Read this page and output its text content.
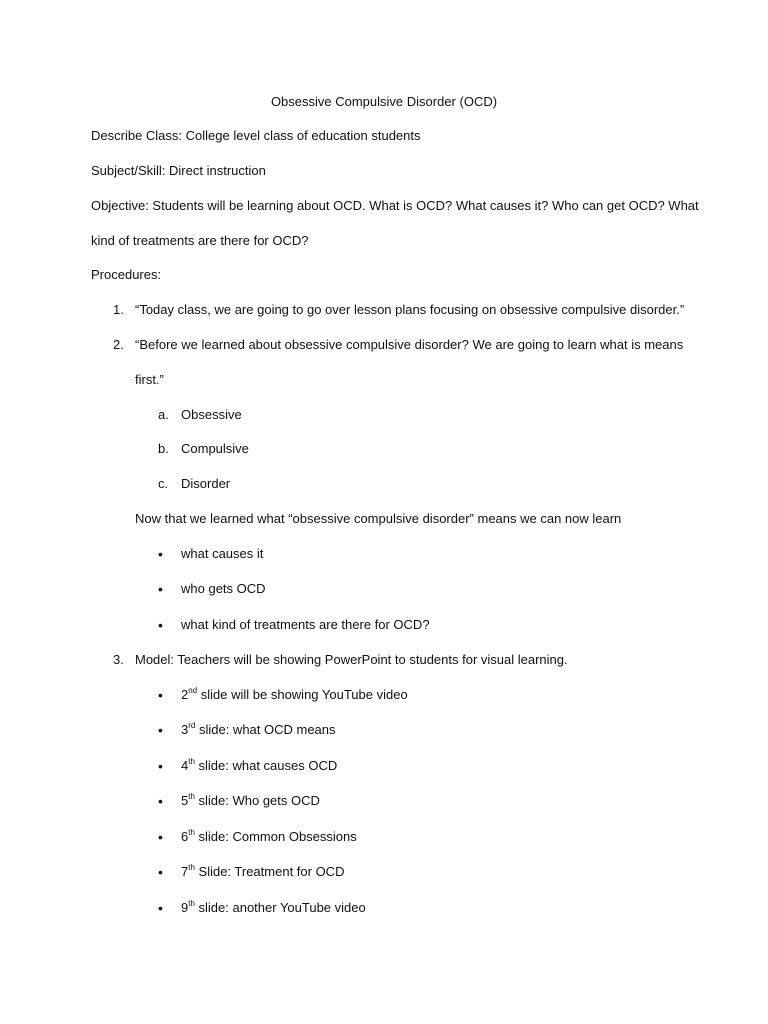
Obsessive Compulsive Disorder (OCD)
Describe Class: College level class of education students
Subject/Skill: Direct instruction
Objective: Students will be learning about OCD. What is OCD? What causes it? Who can get OCD? What
kind of treatments are there for OCD?
Procedures:
1. “Today class, we are going to go over lesson plans focusing on obsessive compulsive disorder.”
2. “Before we learned about obsessive compulsive disorder? We are going to learn what is means
first.”
a. Obsessive
b. Compulsive
c. Disorder
Now that we learned what “obsessive compulsive disorder” means we can now learn
• what causes it
• who gets OCD
• what kind of treatments are there for OCD?
3. Model: Teachers will be showing PowerPoint to students for visual learning.
• 2nd slide will be showing YouTube video
• 3rd slide: what OCD means
• 4th slide: what causes OCD
• 5th slide: Who gets OCD
• 6th slide: Common Obsessions
• 7th Slide: Treatment for OCD
• 9th slide: another YouTube video
